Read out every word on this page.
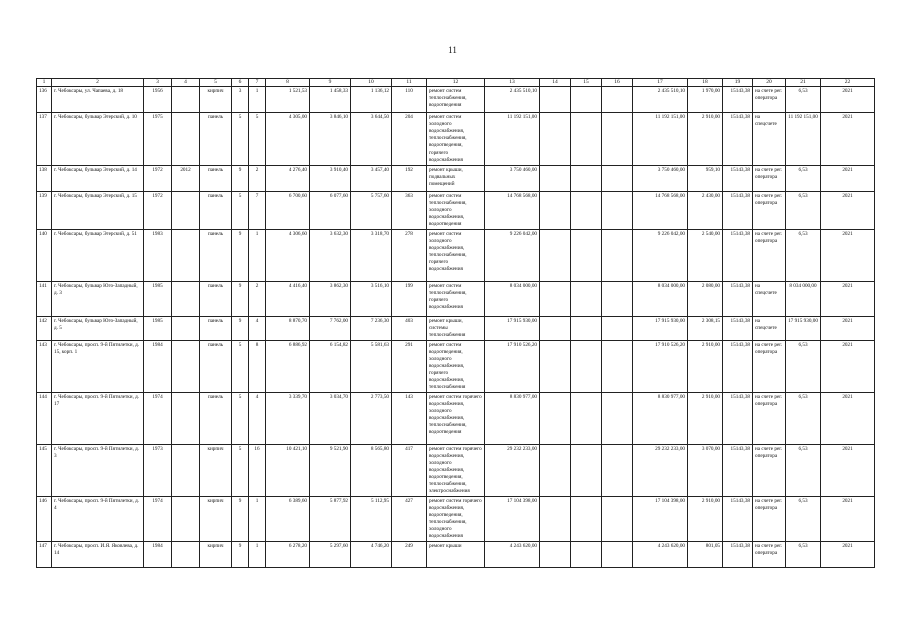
11
1	2	3	4	5	6	7	8	9	10	11	12	13	14	15	16	17	18	19	20	21	22
136	г. Чебоксары, ул. Чапаева, д. 18	1956		кирпич	3	1	1 521,53	1 458,33	1 136,12	110	ремонт систем теплоснабжения, водоотведения	2 435 510,10				2 435 510,10	1 970,00	15143,38	на счете рег. оператора	6,53	2021
137	г. Чебоксары, бульвар Эгерский, д. 10	1975		панель	5	5	4 305,00	3 846,10	3 644,50	204	ремонт систем холодного водоснабжения, теплоснабжения, водоотведения, горячего водоснабжения	11 192 151,00				11 192 151,00	2 910,00	15143,38	на спецсчете	11 192 151,00	2021
138	г. Чебоксары, бульвар Эгерский, д. 14	1972	2012	панель	9	2	4 276,40	3 910,40	3 457,40	192	ремонт крыши, подвальных помещений	3 750 460,00				3 750 460,00	959,10	15143,38	на счете рег. оператора	6,53	2021
139	г. Чебоксары, бульвар Эгерский, д. 15	1972		панель	5	7	6 700,60	6 077,60	5 757,60	363	ремонт систем теплоснабжения, холодного водоснабжения, водоотведения	14 768 568,00				14 768 568,00	2 430,00	15143,38	на счете рег. оператора	6,53	2021
140	г. Чебоксары, бульвар Эгерский, д. 51	1983		панель	9	1	4 306,60	3 632,30	3 318,70	278	ремонт систем холодного водоснабжения, теплоснабжения, горячего водоснабжения	9 226 042,00				9 226 042,00	2 540,00	15143,38	на счете рег. оператора	6,53	2021
141	г. Чебоксары, бульвар Юго-Западный, д. 3	1985		панель	9	2	4 416,40	3 862,30	3 516,10	199	ремонт систем теплоснабжения, горячего водоснабжения	8 034 000,00				8 034 000,00	2 080,00	15143,38	на спецсчете	8 034 000,00	2021
142	г. Чебоксары, бульвар Юго-Западный, д. 5	1985		панель	9	4	8 870,70	7 762,00	7 236,30	403	ремонт крыши, системы теплоснабжения	17 915 930,00				17 915 930,00	2 308,15	15143,38	на спецсчете	17 915 930,00	2021
143	г. Чебоксары, просп. 9-й Пятилетки, д. 15, корп. 1	1984		панель	5	8	6 886,92	6 154,82	5 581,63	291	ремонт систем водоотведения, холодного водоснабжения, горячего водоснабжения, теплоснабжения	17 910 526,20				17 910 526,20	2 910,00	15143,38	на счете рег. оператора	6,53	2021
144	г. Чебоксары, просп. 9-й Пятилетки, д. 17	1974		панель	5	4	3 339,70	3 034,70	2 773,50	143	ремонт систем горячего водоснабжения, холодного водоснабжения, теплоснабжения, водоотведения	8 830 977,00				8 830 977,00	2 910,00	15143,38	на счете рег. оператора	6,53	2021
145	г. Чебоксары, просп. 9-й Пятилетки, д. 3	1973		кирпич	5	16	10 421,10	9 521,90	8 565,80	417	ремонт систем горячего водоснабжения, холодного водоснабжения, водоотведения, теплоснабжения, электроснабжения	29 232 233,00				29 232 233,00	3 070,00	15143,38	на счете рег. оператора	6,53	2021
146	г. Чебоксары, просп. 9-й Пятилетки, д. 4	1974		кирпич	9	1	6 389,60	5 877,92	5 112,95	427	ремонт систем горячего водоснабжения, водоотведения, теплоснабжения, холодного водоснабжения	17 104 398,00				17 104 398,00	2 910,00	15143,38	на счете рег. оператора	6,53	2021
147	г. Чебоксары, просп. И.Я. Яковлева, д. 14	1984		кирпич	9	1	6 278,20	5 297,60	4 746,20	249	ремонт крыши	4 243 620,00				4 243 620,00	801,05	15143,38	на счете рег. оператора	6,53	2021
